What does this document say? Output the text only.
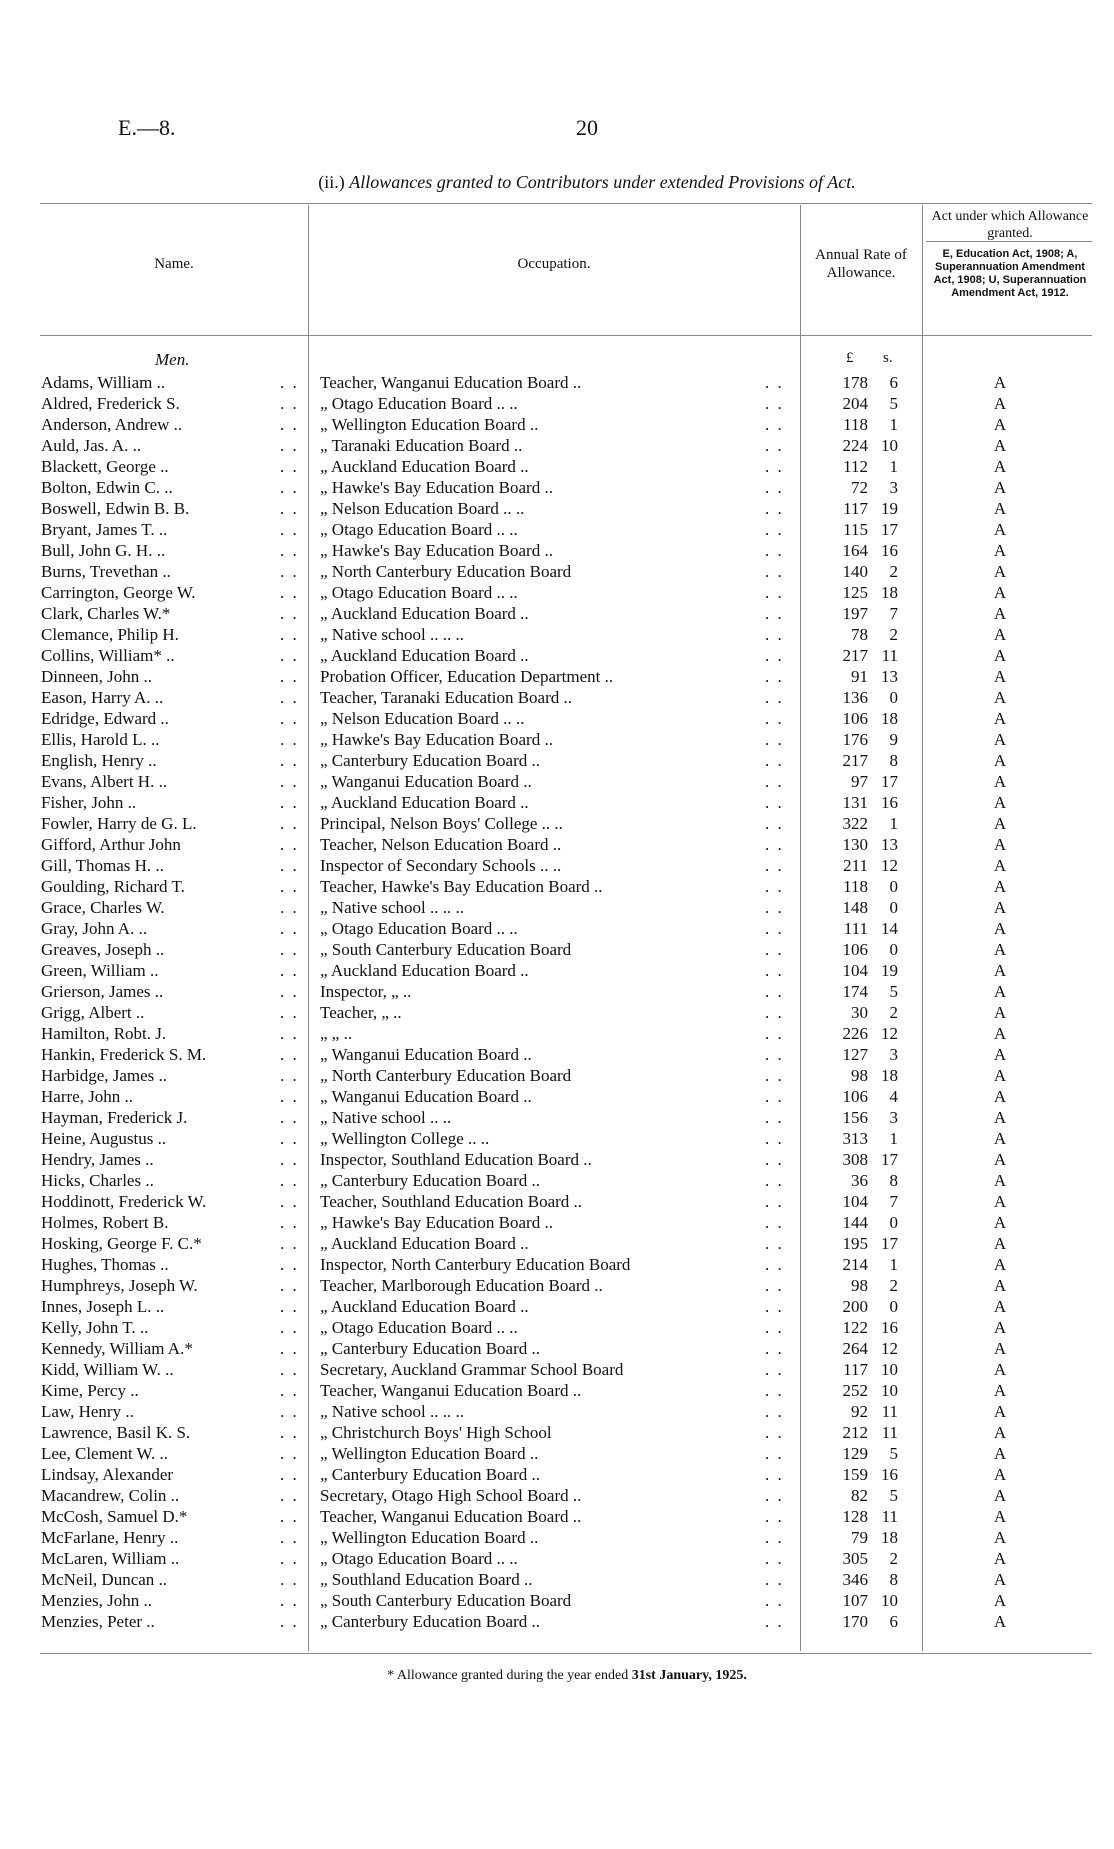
E.—8.	20
(ii.) Allowances granted to Contributors under extended Provisions of Act.
Name.	Occupation.
Annual Rate of Allowance.
Act under which Allowance granted.
E, Education Act, 1908; A, Superannuation Amendment Act, 1908; U, Superannuation Amendment Act, 1912.
Men.	£ s.
Adams, William ..	. . Teacher, Wanganui Education Board ..	. .	178	6	A
Aldred, Frederick S.	. . „ Otago Education Board .. ..	. .	204	5	A
Anderson, Andrew ..	. . „ Wellington Education Board ..	. .	118	1	A
Auld, Jas. A. ..	. . „ Taranaki Education Board ..	. .	224 10	A
Blackett, George ..	. . „ Auckland Education Board ..	. .	112	1	A
Bolton, Edwin C. ..	. . „ Hawke's Bay Education Board ..	. .	72	3	A
Boswell, Edwin B. B.	. . „ Nelson Education Board .. ..	. .	117 19	A
Bryant, James T. ..	. . „ Otago Education Board .. ..	. .	115 17	A
Bull, John G. H. ..	. . „ Hawke's Bay Education Board ..	. .	164 16	A
Burns, Trevethan ..	. . „ North Canterbury Education Board	. .	140	2	A
Carrington, George W.	. . „ Otago Education Board .. ..	. .	125 18	A
Clark, Charles W.*	. . „ Auckland Education Board ..	. .	197	7	A
Clemance, Philip H.	. . „ Native school .. .. ..	. .	78	2	A
Collins, William* ..	. . „ Auckland Education Board ..	. .	217 11	A
Dinneen, John ..	. . Probation Officer, Education Department ..	. .	91 13	A
Eason, Harry A. ..	. . Teacher, Taranaki Education Board ..	. .	136	0	A
Edridge, Edward ..	. . „ Nelson Education Board .. ..	. .	106 18	A
Ellis, Harold L. ..	. . „ Hawke's Bay Education Board ..	. .	176	9	A
English, Henry ..	. . „ Canterbury Education Board ..	. .	217	8	A
Evans, Albert H. ..	. . „ Wanganui Education Board ..	. .	97 17	A
Fisher, John ..	. . „ Auckland Education Board ..	. .	131 16	A
Fowler, Harry de G. L.	. . Principal, Nelson Boys' College .. ..	. .	322	1	A
Gifford, Arthur John	. . Teacher, Nelson Education Board ..	. .	130 13	A
Gill, Thomas H. ..	. . Inspector of Secondary Schools .. ..	. .	211 12	A
Goulding, Richard T.	. . Teacher, Hawke's Bay Education Board ..	. .	118	0	A
Grace, Charles W.	. . „ Native school .. .. ..	. .	148	0	A
Gray, John A. ..	. . „ Otago Education Board .. ..	. .	111 14	A
Greaves, Joseph ..	. . „ South Canterbury Education Board	. .	106	0	A
Green, William ..	. . „ Auckland Education Board ..	. .	104 19	A
Grierson, James ..	. . Inspector, „ ..	. .	174	5	A
Grigg, Albert ..	. . Teacher, „ ..	. .	30	2	A
Hamilton, Robt. J.	. . „ „ ..	. .	226 12	A
Hankin, Frederick S. M.	. . „ Wanganui Education Board ..	. .	127	3	A
Harbidge, James ..	. . „ North Canterbury Education Board	. .	98 18	A
Harre, John ..	. . „ Wanganui Education Board ..	. .	106	4	A
Hayman, Frederick J.	. . „ Native school .. ..	. .	156	3	A
Heine, Augustus ..	. . „ Wellington College .. ..	. .	313	1	A
Hendry, James ..	. . Inspector, Southland Education Board ..	. .	308 17	A
Hicks, Charles ..	. . „ Canterbury Education Board ..	. .	36	8	A
Hoddinott, Frederick W.	. . Teacher, Southland Education Board ..	. .	104	7	A
Holmes, Robert B.	. . „ Hawke's Bay Education Board ..	. .	144	0	A
Hosking, George F. C.*	. . „ Auckland Education Board ..	. .	195 17	A
Hughes, Thomas ..	. . Inspector, North Canterbury Education Board	. .	214	1	A
Humphreys, Joseph W.	. . Teacher, Marlborough Education Board ..	. .	98	2	A
Innes, Joseph L. ..	. . „ Auckland Education Board ..	. .	200	0	A
Kelly, John T. ..	. . „ Otago Education Board .. ..	. .	122 16	A
Kennedy, William A.*	. . „ Canterbury Education Board ..	. .	264 12	A
Kidd, William W. ..	. . Secretary, Auckland Grammar School Board	. .	117 10	A
Kime, Percy ..	. . Teacher, Wanganui Education Board ..	. .	252 10	A
Law, Henry ..	. . „ Native school .. .. ..	. .	92 11	A
Lawrence, Basil K. S.	. . „ Christchurch Boys' High School	. .	212 11	A
Lee, Clement W. ..	. . „ Wellington Education Board ..	. .	129	5	A
Lindsay, Alexander	. . „ Canterbury Education Board ..	. .	159 16	A
Macandrew, Colin ..	. . Secretary, Otago High School Board ..	. .	82	5	A
McCosh, Samuel D.*	. . Teacher, Wanganui Education Board ..	. .	128 11	A
McFarlane, Henry ..	. . „ Wellington Education Board ..	. .	79 18	A
McLaren, William ..	. . „ Otago Education Board .. ..	. .	305	2	A
McNeil, Duncan ..	. . „ Southland Education Board ..	. .	346	8	A
Menzies, John ..	. . „ South Canterbury Education Board	. .	107 10	A
Menzies, Peter ..	. . „ Canterbury Education Board ..	. .	170	6	A
* Allowance granted during the year ended 31st January, 1925.
